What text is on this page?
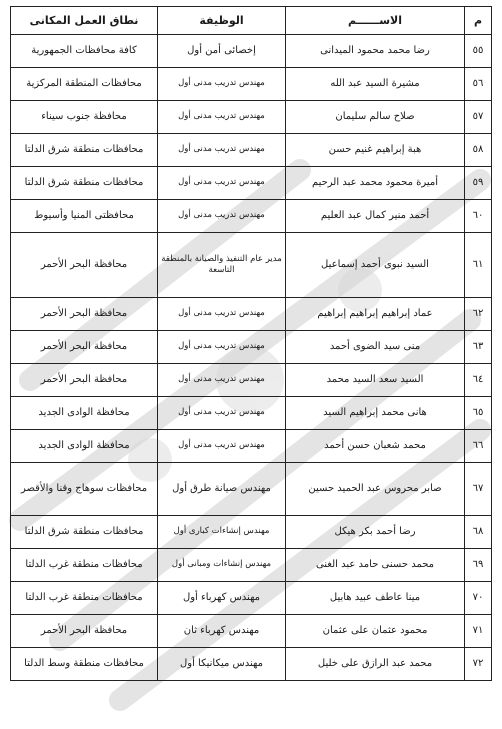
م	الاســــــم	الوظيفة	نطاق العمل المكانى
٥٥	رضا محمد محمود الميدانى	إخصائى أمن أول	كافة محافظات الجمهورية
٥٦	مشيرة السيد عبد الله	مهندس تدريب مدنى أول	محافظات المنطقة المركزية
٥٧	صلاح سالم سليمان	مهندس تدريب مدنى أول	محافظة جنوب سيناء
٥٨	هبة إبراهيم غنيم حسن	مهندس تدريب مدنى أول	محافظات منطقة شرق الدلتا
٥٩	أميرة محمود محمد عبد الرحيم	مهندس تدريب مدنى أول	محافظات منطقة شرق الدلتا
٦٠	أحمد منير كمال عبد العليم	مهندس تدريب مدنى أول	محافظتى المنيا وأسيوط
٦١	السيد نبوى أحمد إسماعيل	مدير عام التنفيذ والصيانة بالمنطقة التاسعة	محافظة البحر الأحمر
٦٢	عماد إبراهيم إبراهيم إبراهيم	مهندس تدريب مدنى أول	محافظة البحر الأحمر
٦٣	منى سيد الضوى أحمد	مهندس تدريب مدنى أول	محافظة البحر الأحمر
٦٤	السيد سعد السيد محمد	مهندس تدريب مدنى أول	محافظة البحر الأحمر
٦٥	هانى محمد إبراهيم السيد	مهندس تدريب مدنى أول	محافظة الوادى الجديد
٦٦	محمد شعبان حسن أحمد	مهندس تدريب مدنى أول	محافظة الوادى الجديد
٦٧	صابر محروس عبد الحميد حسين	مهندس صيانة طرق أول	محافظات سوهاج وقنا والأقصر
٦٨	رضا أحمد بكر هيكل	مهندس إنشاءات كبارى أول	محافظات منطقة شرق الدلتا
٦٩	محمد حسنى حامد عبد الغنى	مهندس إنشاءات ومبانى أول	محافظات منطقة غرب الدلتا
٧٠	مينا عاطف عبيد هابيل	مهندس كهرباء أول	محافظات منطقة غرب الدلتا
٧١	محمود عثمان على عثمان	مهندس كهرباء ثان	محافظة البحر الأحمر
٧٢	محمد عبد الرازق على خليل	مهندس ميكانيكا أول	محافظات منطقة وسط الدلتا
